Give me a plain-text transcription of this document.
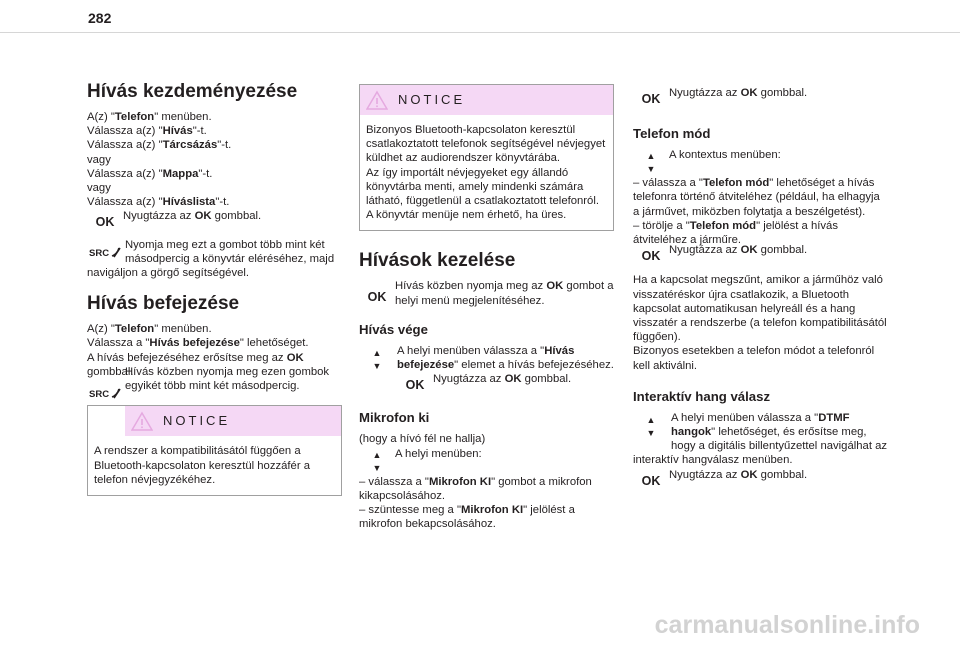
282
Hívás kezdeményezése

A(z) "Telefon" menüben.

Válassza a(z) "Hívás"-t.

Válassza a(z) "Tárcsázás"-t.

vagy

Válassza a(z) "Mappa"-t.

vagy

Válassza a(z) "Híváslista"-t.

OK Nyugtázza az OK gombbal.
SRC
Nyomja meg ezt a gombot több mint két másodpercig a könyvtár eléréséhez, majd navigáljon a görgő segítségével.
Hívás befejezése

A(z) "Telefon" menüben.

Válassza a "Hívás befejezése" lehetőséget.

A hívás befejezéséhez erősítse meg az OK

gombbal.

SRC
Hívás közben nyomja meg ezen gombok egyikét több mint két másodpercig.
NOTICE
A rendszer a kompatibilitásától függően a Bluetooth-kapcsolaton keresztül hozzáfér a telefon névjegyzékéhez.
NOTICE
Bizonyos Bluetooth-kapcsolaton keresztül csatlakoztatott telefonok segítségével névjegyet küldhet az audiorendszer könyvtárába.
Az így importált névjegyeket egy állandó könyvtárba menti, amely mindenki számára látható, függetlenül a csatlakoztatott telefonról.
A könyvtár menüje nem érhető, ha üres.
Hívások kezelése
OK
Hívás közben nyomja meg az OK gombot a helyi menü megjelenítéséhez.
Hívás vége
▲
▼
A helyi menüben válassza a "Hívás befejezése" elemet a hívás befejezéséhez.
OK Nyugtázza az OK gombbal.
Mikrofon ki

(hogy a hívó fél ne hallja)

▲
▼
A helyi menüben:

– válassza a "Mikrofon KI" gombot a mikrofon kikapcsolásához.

– szüntesse meg a "Mikrofon KI" jelölést a mikrofon bekapcsolásához.

OK Nyugtázza az OK gombbal.
Telefon mód
▲
▼
A kontextus menüben:

– válassza a "Telefon mód" lehetőséget a hívás telefonra történő átviteléhez (például, ha elhagyja a járművet, miközben folytatja a beszélgetést).

– törölje a "Telefon mód" jelölést a hívás átviteléhez a járműre.

OK Nyugtázza az OK gombbal.

Ha a kapcsolat megszűnt, amikor a járműhöz való visszatéréskor újra csatlakozik, a Bluetooth kapcsolat automatikusan helyreáll és a hang visszatér a rendszerbe (a telefon kompatibilitásától függően).

Bizonyos esetekben a telefon módot a telefonról kell aktiválni.

Interaktív hang válasz
▲
▼
A helyi menüben válassza a "DTMF hangok" lehetőséget, és erősítse meg, hogy a digitális billentyűzettel navigálhat az interaktív hangválasz menüben.
OK Nyugtázza az OK gombbal.
carmanualsonline.info
